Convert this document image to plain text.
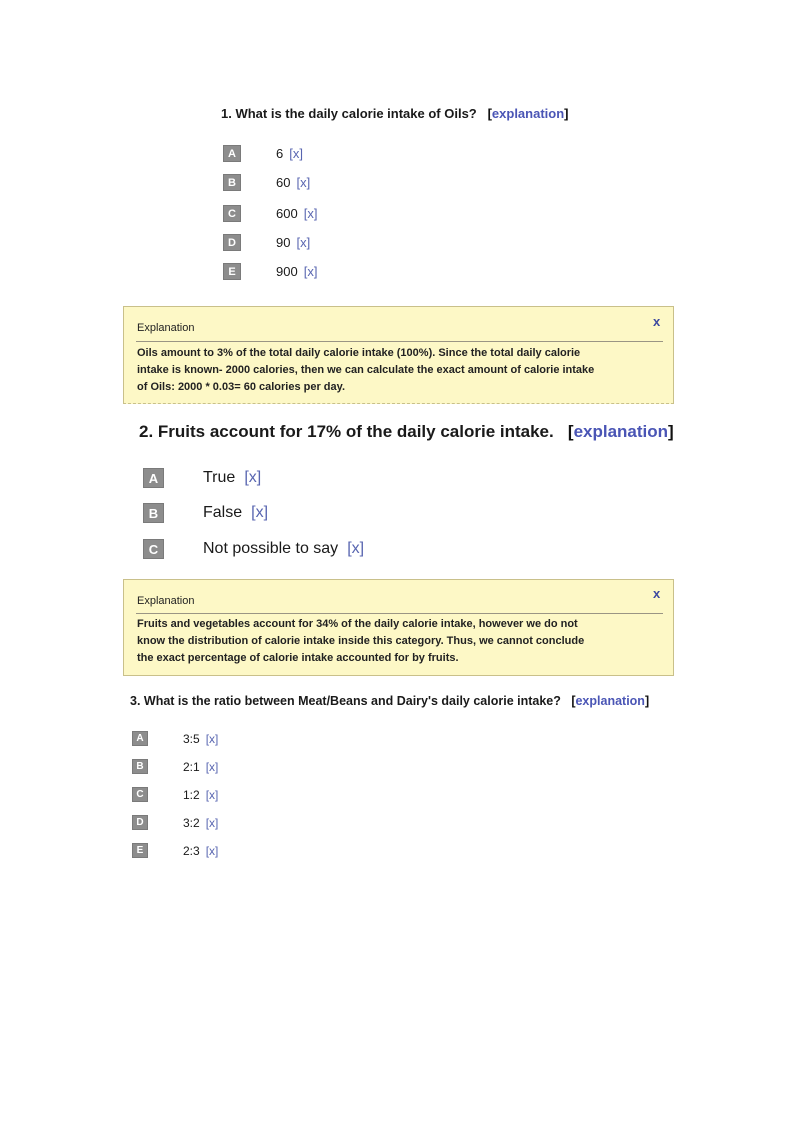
1. What is the daily calorie intake of Oils? [explanation]
A	6 [x]
B	60 [x]
C	600 [x]
D	90 [x]
E	900 [x]
Explanation	x
Oils amount to 3% of the total daily calorie intake (100%). Since the total daily calorie
intake is known- 2000 calories, then we can calculate the exact amount of calorie intake
of Oils: 2000 * 0.03= 60 calories per day.
2. Fruits account for 17% of the daily calorie intake. [explanation]
A	True [x]
B	False [x]
C	Not possible to say [x]
Explanation	x
Fruits and vegetables account for 34% of the daily calorie intake, however we do not
know the distribution of calorie intake inside this category. Thus, we cannot conclude
the exact percentage of calorie intake accounted for by fruits.
3. What is the ratio between Meat/Beans and Dairy's daily calorie intake? [explanation]
A	3:5 [x]
B	2:1 [x]
C	1:2 [x]
D	3:2 [x]
E	2:3 [x]
